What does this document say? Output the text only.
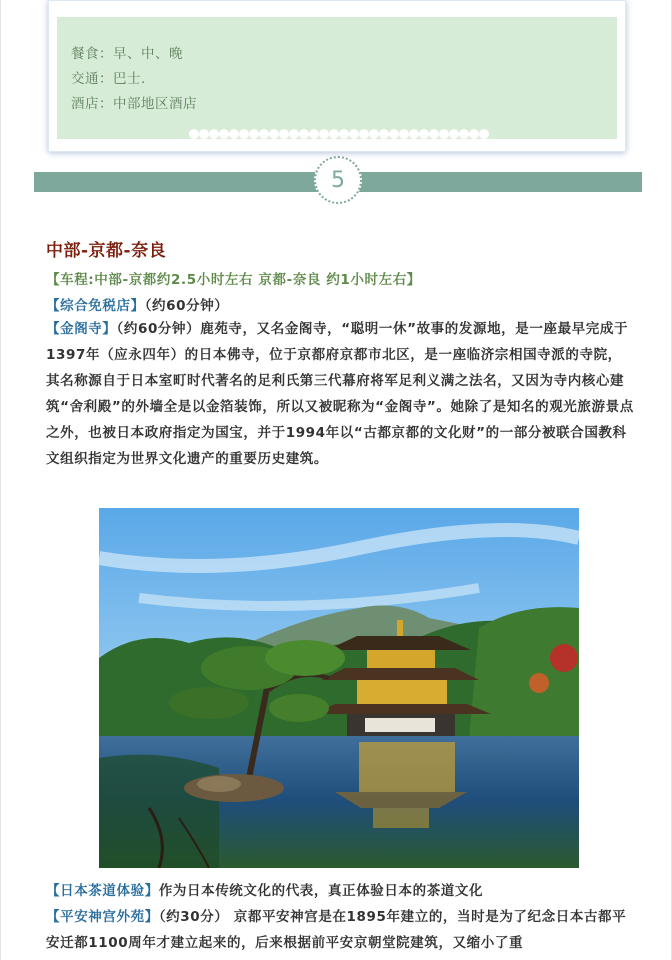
餐食：早、中、晚
交通：巴士.
酒店：中部地区酒店
5
中部-京都-奈良
【车程:中部-京都约2.5小时左右 京都-奈良 约1小时左右】
【综合免税店】（约60分钟）
【金阁寺】（约60分钟）鹿苑寺，又名金阁寺，“聪明一休”故事的发源地，是一座最早完成于1397年（应永四年）的日本佛寺，位于京都府京都市北区，是一座临济宗相国寺派的寺院，其名称源自于日本室町时代著名的足利氏第三代幕府将军足利义满之法名，又因为寺内核心建筑“舍利殿”的外墙全是以金箔装饰，所以又被昵称为“金阁寺”。她除了是知名的观光旅游景点之外，也被日本政府指定为国宝，并于1994年以“古都京都的文化财”的一部分被联合国教科文组织指定为世界文化遗产的重要历史建筑。
【日本茶道体验】作为日本传统文化的代表，真正体验日本的茶道文化
【平安神宫外苑】（约30分） 京都平安神宫是在1895年建立的，当时是为了纪念日本古都平安迁都1100周年才建立起来的，后来根据前平安京朝堂院建筑，又缩小了重
